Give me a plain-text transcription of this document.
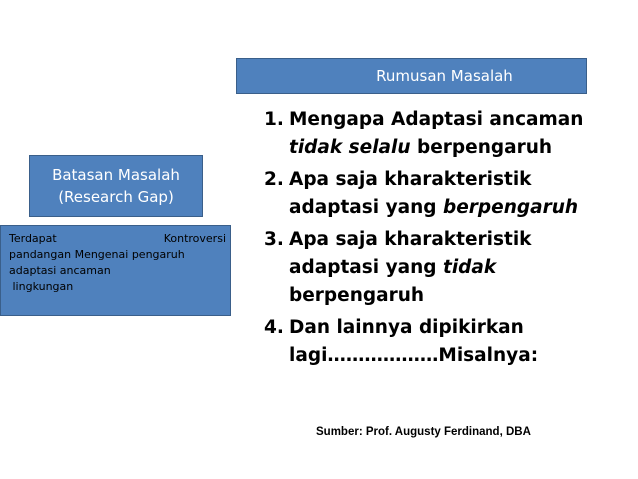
Rumusan Masalah
Batasan Masalah
(Research Gap)
Terdapat	Kontroversi
pandangan Mengenai pengaruh
adaptasi ancaman
lingkungan
1. Mengapa Adaptasi ancaman
tidak selalu berpengaruh
2. Apa saja kharakteristik
adaptasi yang berpengaruh
3. Apa saja kharakteristik
adaptasi yang tidak
berpengaruh
4. Dan lainnya dipikirkan
lagi………………Misalnya:
Sumber: Prof. Augusty Ferdinand, DBA
